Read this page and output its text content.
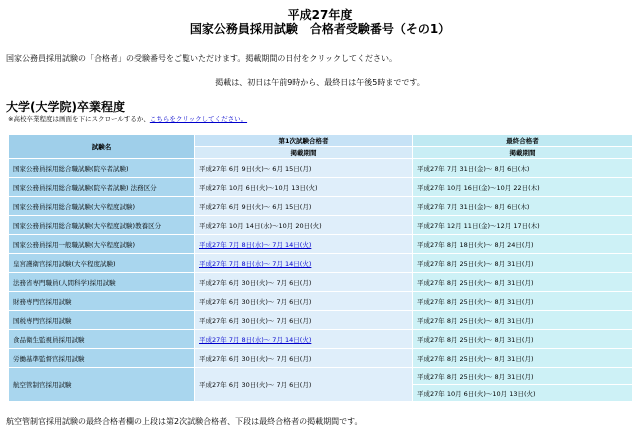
平成27年度
国家公務員採用試験　合格者受験番号（その1）
国家公務員採用試験の「合格者」の受験番号をご覧いただけます。掲載期間の日付をクリックしてください。
掲載は、初日は午前9時から、最終日は午後5時までです。
大学(大学院)卒業程度
※高校卒業程度は画面を下にスクロールするか、こちらをクリックしてください。
試験名	第1次試験合格者	最終合格者
	掲載期間	掲載期間
国家公務員採用総合職試験(院卒者試験)	平成27年 6月 9日(火)～ 6月 15日(月)	平成27年 7月 31日(金)～ 8月 6日(木)
国家公務員採用総合職試験(院卒者試験) 法務区分	平成27年 10月 6日(火)～10月 13日(火)	平成27年 10月 16日(金)～10月 22日(木)
国家公務員採用総合職試験(大卒程度試験)	平成27年 6月 9日(火)～ 6月 15日(月)	平成27年 7月 31日(金)～ 8月 6日(木)
国家公務員採用総合職試験(大卒程度試験)教養区分	平成27年 10月 14日(水)～10月 20日(火)	平成27年 12月 11日(金)～12月 17日(木)
国家公務員採用一般職試験(大卒程度試験)	平成27年 7月 8日(水)～ 7月 14日(火)	平成27年 8月 18日(火)～ 8月 24日(月)
皇宮護衛官採用試験(大卒程度試験)	平成27年 7月 8日(水)～ 7月 14日(火)	平成27年 8月 25日(火)～ 8月 31日(月)
法務省専門職員(人間科学)採用試験	平成27年 6月 30日(火)～ 7月 6日(月)	平成27年 8月 25日(火)～ 8月 31日(月)
財務専門官採用試験	平成27年 6月 30日(火)～ 7月 6日(月)	平成27年 8月 25日(火)～ 8月 31日(月)
国税専門官採用試験	平成27年 6月 30日(火)～ 7月 6日(月)	平成27年 8月 25日(火)～ 8月 31日(月)
食品衛生監視員採用試験	平成27年 7月 8日(水)～ 7月 14日(火)	平成27年 8月 25日(火)～ 8月 31日(月)
労働基準監督官採用試験	平成27年 6月 30日(火)～ 7月 6日(月)	平成27年 8月 25日(火)～ 8月 31日(月)
航空管制官採用試験	平成27年 6月 30日(火)～ 7月 6日(月)	平成27年 8月 25日(火)～ 8月 31日(月)
		平成27年 10月 6日(火)～10月 13日(火)
航空管制官採用試験の最終合格者欄の上段は第2次試験合格者、下段は最終合格者の掲載期間です。
